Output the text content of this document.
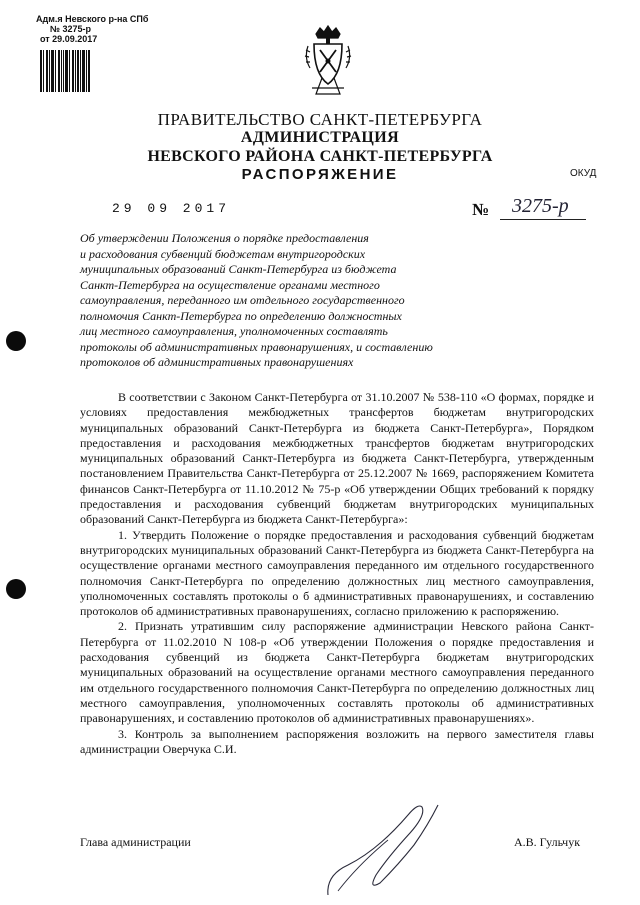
Адм.я Невского р-на СПб
№ 3275-р
от 29.09.2017
ПРАВИТЕЛЬСТВО САНКТ-ПЕТЕРБУРГА
АДМИНИСТРАЦИЯ
НЕВСКОГО РАЙОНА САНКТ-ПЕТЕРБУРГА
РАСПОРЯЖЕНИЕ	ОКУД
29 09 2017	№ 3275-р
Об утверждении Положения о порядке предоставления
и расходования субвенций бюджетам внутригородских
муниципальных образований Санкт-Петербурга из бюджета
Санкт-Петербурга на осуществление органами местного
самоуправления, переданного им отдельного государственного
полномочия Санкт-Петербурга по определению должностных
лиц местного самоуправления, уполномоченных составлять
протоколы об административных правонарушениях, и составлению
протоколов об административных правонарушениях

В соответствии с Законом Санкт-Петербурга от 31.10.2007 № 538-110 «О формах, порядке и условиях предоставления межбюджетных трансфертов бюджетам внутригородских муниципальных образований Санкт-Петербурга из бюджета Санкт-Петербурга», Порядком предоставления и расходования межбюджетных трансфертов бюджетам внутригородских муниципальных образований Санкт-Петербурга из бюджета Санкт-Петербурга, утвержденным постановлением Правительства Санкт-Петербурга от 25.12.2007 № 1669, распоряжением Комитета финансов Санкт-Петербурга от 11.10.2012 № 75-р «Об утверждении Общих требований к порядку предоставления и расходования субвенций бюджетам внутригородских муниципальных образований Санкт-Петербурга из бюджета Санкт-Петербурга»:

1. Утвердить Положение о порядке предоставления и расходования субвенций бюджетам внутригородских муниципальных образований Санкт-Петербурга из бюджета Санкт-Петербурга на осуществление органами местного самоуправления переданного им отдельного государственного полномочия Санкт-Петербурга по определению должностных лиц местного самоуправления, уполномоченных составлять протоколы о б административных правонарушениях, и составлению протоколов об административных правонарушениях, согласно приложению к распоряжению.

2. Признать утратившим силу распоряжение администрации Невского района Санкт-Петербурга от 11.02.2010 N 108-р «Об утверждении Положения о порядке предоставления и расходования субвенций из бюджета Санкт-Петербурга бюджетам внутригородских муниципальных образований на осуществление органами местного самоуправления переданного им отдельного государственного полномочия Санкт-Петербурга по определению должностных лиц местного самоуправления, уполномоченных составлять протоколы об административных правонарушениях, и составлению протоколов об административных правонарушениях».

3. Контроль за выполнением распоряжения возложить на первого заместителя главы администрации Оверчука С.И.

Глава администрации	А.В. Гульчук
